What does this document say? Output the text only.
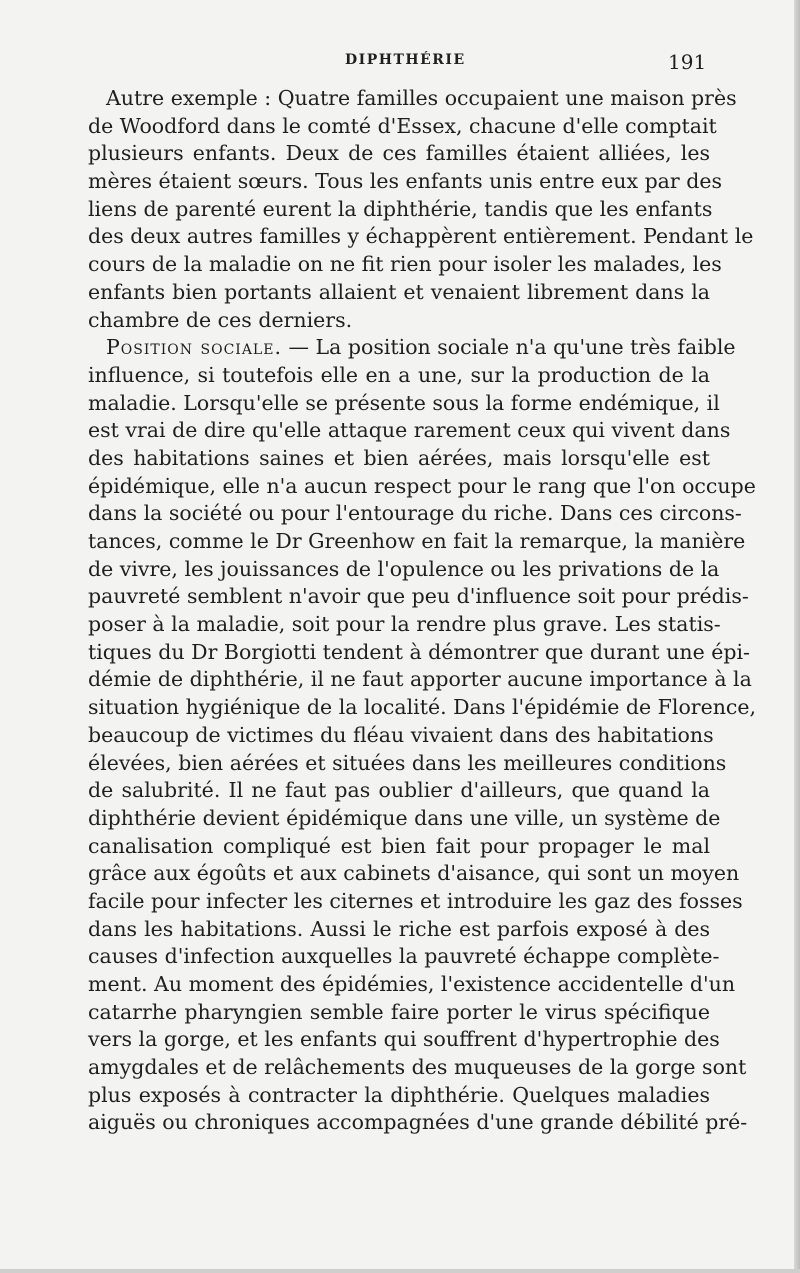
DIPHTHÉRIE	191
Autre exemple : Quatre familles occupaient une maison près
de Woodford dans le comté d'Essex, chacune d'elle comptait
plusieurs enfants. Deux de ces familles étaient alliées, les
mères étaient sœurs. Tous les enfants unis entre eux par des
liens de parenté eurent la diphthérie, tandis que les enfants
des deux autres familles y échappèrent entièrement. Pendant le
cours de la maladie on ne fit rien pour isoler les malades, les
enfants bien portants allaient et venaient librement dans la
chambre de ces derniers.
Position sociale. — La position sociale n'a qu'une très faible
influence, si toutefois elle en a une, sur la production de la
maladie. Lorsqu'elle se présente sous la forme endémique, il
est vrai de dire qu'elle attaque rarement ceux qui vivent dans
des habitations saines et bien aérées, mais lorsqu'elle est
épidémique, elle n'a aucun respect pour le rang que l'on occupe
dans la société ou pour l'entourage du riche. Dans ces circons-
tances, comme le Dr Greenhow en fait la remarque, la manière
de vivre, les jouissances de l'opulence ou les privations de la
pauvreté semblent n'avoir que peu d'influence soit pour prédis-
poser à la maladie, soit pour la rendre plus grave. Les statis-
tiques du Dr Borgiotti tendent à démontrer que durant une épi-
démie de diphthérie, il ne faut apporter aucune importance à la
situation hygiénique de la localité. Dans l'épidémie de Florence,
beaucoup de victimes du fléau vivaient dans des habitations
élevées, bien aérées et situées dans les meilleures conditions
de salubrité. Il ne faut pas oublier d'ailleurs, que quand la
diphthérie devient épidémique dans une ville, un système de
canalisation compliqué est bien fait pour propager le mal
grâce aux égoûts et aux cabinets d'aisance, qui sont un moyen
facile pour infecter les citernes et introduire les gaz des fosses
dans les habitations. Aussi le riche est parfois exposé à des
causes d'infection auxquelles la pauvreté échappe complète-
ment. Au moment des épidémies, l'existence accidentelle d'un
catarrhe pharyngien semble faire porter le virus spécifique
vers la gorge, et les enfants qui souffrent d'hypertrophie des
amygdales et de relâchements des muqueuses de la gorge sont
plus exposés à contracter la diphthérie. Quelques maladies
aiguës ou chroniques accompagnées d'une grande débilité pré-
